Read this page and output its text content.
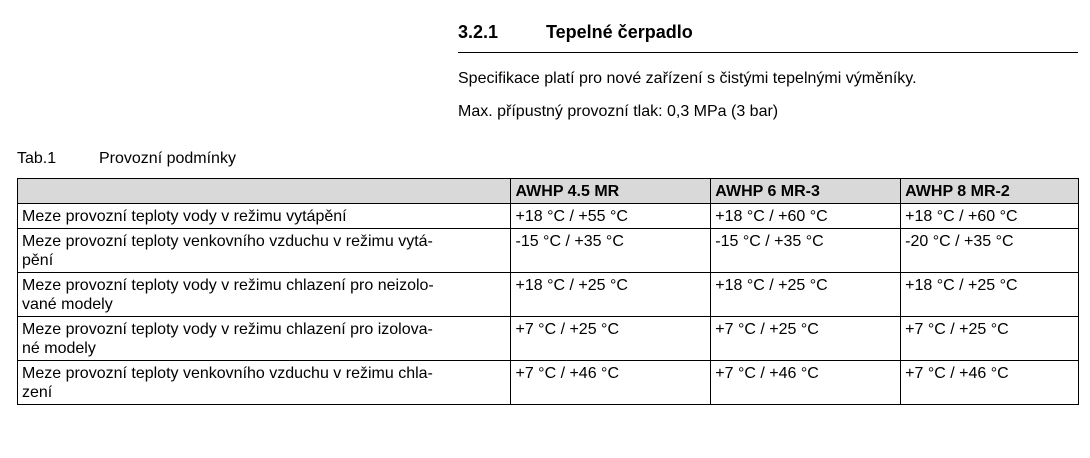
3.2.1	Tepelné čerpadlo
Specifikace platí pro nové zařízení s čistými tepelnými výměníky.
Max. přípustný provozní tlak: 0,3 MPa (3 bar)
Tab.1	Provozní podmínky
	AWHP 4.5 MR	AWHP 6 MR-3	AWHP 8 MR-2
Meze provozní teploty vody v režimu vytápění	+18 °C / +55 °C	+18 °C / +60 °C	+18 °C / +60 °C
Meze provozní teploty venkovního vzduchu v režimu vytá-
pění	-15 °C / +35 °C	-15 °C / +35 °C	-20 °C / +35 °C
Meze provozní teploty vody v režimu chlazení pro neizolo-
vané modely	+18 °C / +25 °C	+18 °C / +25 °C	+18 °C / +25 °C
Meze provozní teploty vody v režimu chlazení pro izolova-
né modely	+7 °C / +25 °C	+7 °C / +25 °C	+7 °C / +25 °C
Meze provozní teploty venkovního vzduchu v režimu chla-
zení	+7 °C / +46 °C	+7 °C / +46 °C	+7 °C / +46 °C
